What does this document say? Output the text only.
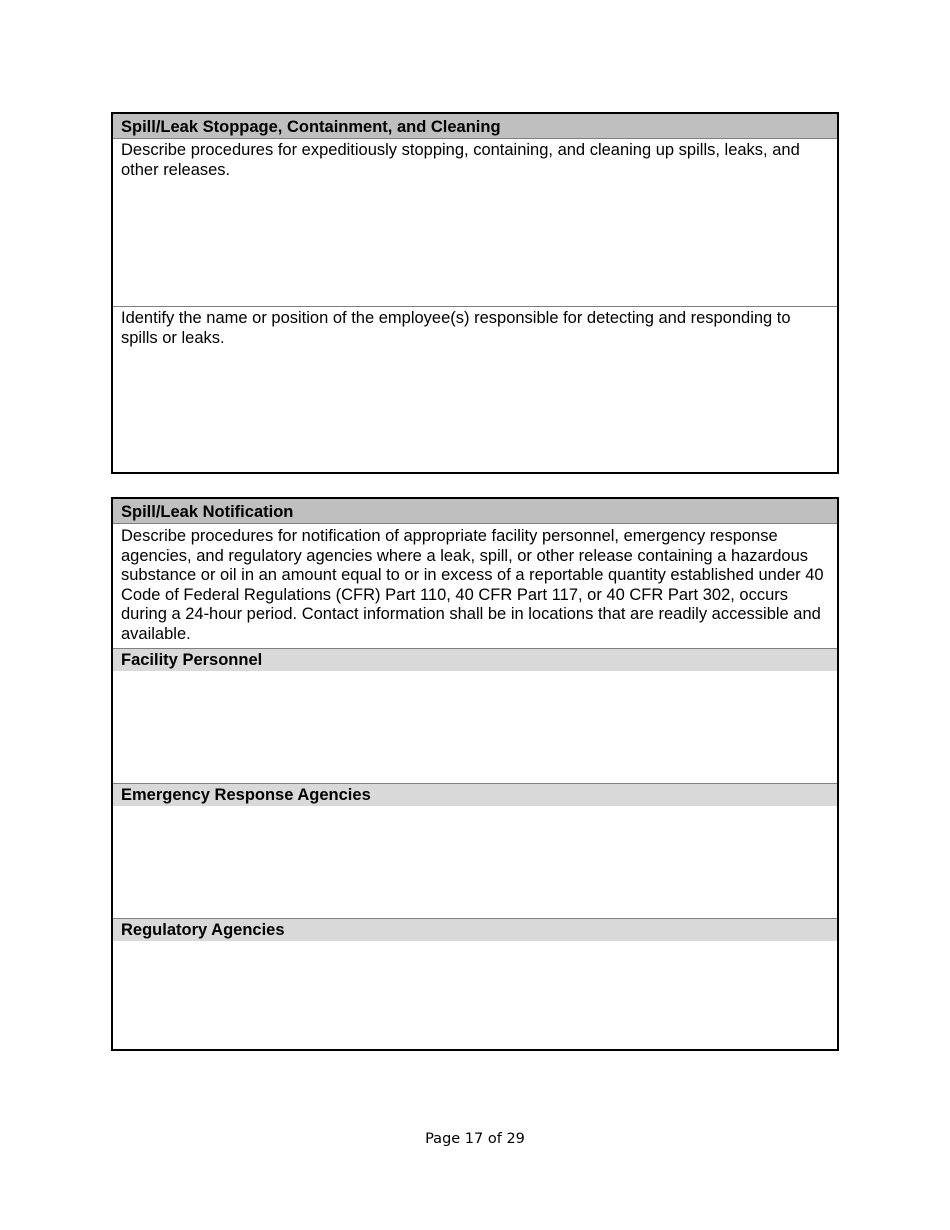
Spill/Leak Stoppage, Containment, and Cleaning
Describe procedures for expeditiously stopping, containing, and cleaning up spills, leaks, and other releases.
Identify the name or position of the employee(s) responsible for detecting and responding to spills or leaks.
Spill/Leak Notification
Describe procedures for notification of appropriate facility personnel, emergency response agencies, and regulatory agencies where a leak, spill, or other release containing a hazardous substance or oil in an amount equal to or in excess of a reportable quantity established under 40 Code of Federal Regulations (CFR) Part 110, 40 CFR Part 117, or 40 CFR Part 302, occurs during a 24-hour period. Contact information shall be in locations that are readily accessible and available.
Facility Personnel
Emergency Response Agencies
Regulatory Agencies
Page 17 of 29
